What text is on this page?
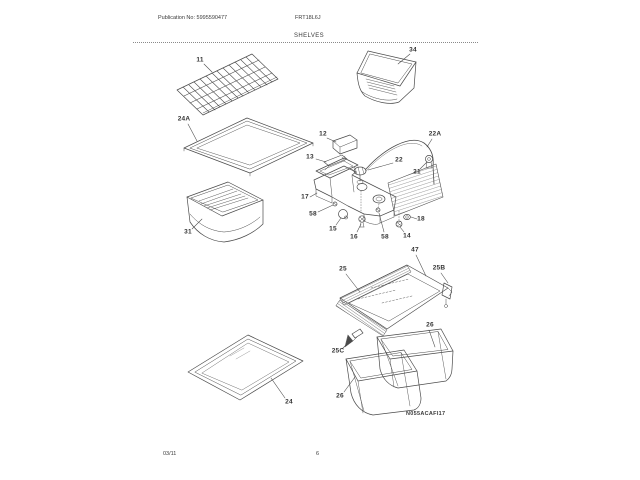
Publication No: 5995590477	FRT18L6J
SHELVES
11
34
24A
12
13
22A
22
21
17
58
15
16	58 14
18
47
25	25B
26
25C
26
31
24
N055ACAFI17
03/11	6
